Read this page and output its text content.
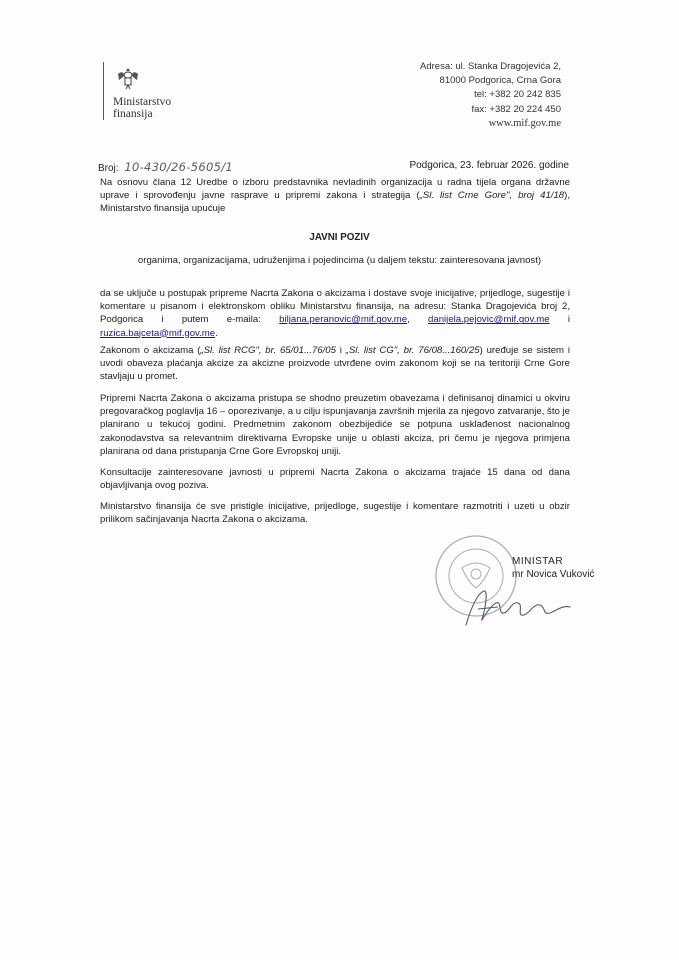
Ministarstvo
finansija
Adresa: ul. Stanka Dragojevića 2,
81000 Podgorica, Crna Gora
tel: +382 20 242 835
fax: +382 20 224 450
www.mif.gov.me
Broj: 10-430/26-5605/1	Podgorica, 23. februar 2026. godine
Na osnovu člana 12 Uredbe o izboru predstavnika nevladinih organizacija u radna tijela organa državne uprave i sprovođenju javne rasprave u pripremi zakona i strategija („Sl. list Crne Gore", broj 41/18), Ministarstvo finansija upućuje
JAVNI POZIV
organima, organizacijama, udruženjima i pojedincima (u daljem tekstu: zainteresovana javnost)
da se uključe u postupak pripreme Nacrta Zakona o akcizama i dostave svoje inicijative, prijedloge, sugestije i komentare u pisanom i elektronskom obliku Ministarstvu finansija, na adresu: Stanka Dragojevića broj 2, Podgorica i putem e-maila: biljana.peranovic@mif.gov.me, danijela.pejovic@mif.gov.me i ruzica.bajceta@mif.gov.me.
Zakonom o akcizama („Sl. list RCG", br. 65/01...76/05 i „Sl. list CG", br. 76/08...160/25) uređuje se sistem i uvodi obaveza plaćanja akcize za akcizne proizvode utvrđene ovim zakonom koji se na teritoriji Crne Gore stavljaju u promet.
Pripremi Nacrta Zakona o akcizama pristupa se shodno preuzetim obavezama i definisanoj dinamici u okviru pregovaračkog poglavlja 16 – oporezivanje, a u cilju ispunjavanja završnih mjerila za njegovo zatvaranje, što je planirano u tekućoj godini. Predmetnim zakonom obezbijediće se potpuna usklađenost nacionalnog zakonodavstva sa relevantnim direktivama Evropske unije u oblasti akciza, pri čemu je njegova primjena planirana od dana pristupanja Crne Gore Evropskoj uniji.
Konsultacije zainteresovane javnosti u pripremi Nacrta Zakona o akcizama trajaće 15 dana od dana objavljivanja ovog poziva.
Ministarstvo finansija će sve pristigle inicijative, prijedloge, sugestije i komentare razmotriti i uzeti u obzir prilikom sačinjavanja Nacrta Zakona o akcizama.
MINISTAR
mr Novica Vuković
